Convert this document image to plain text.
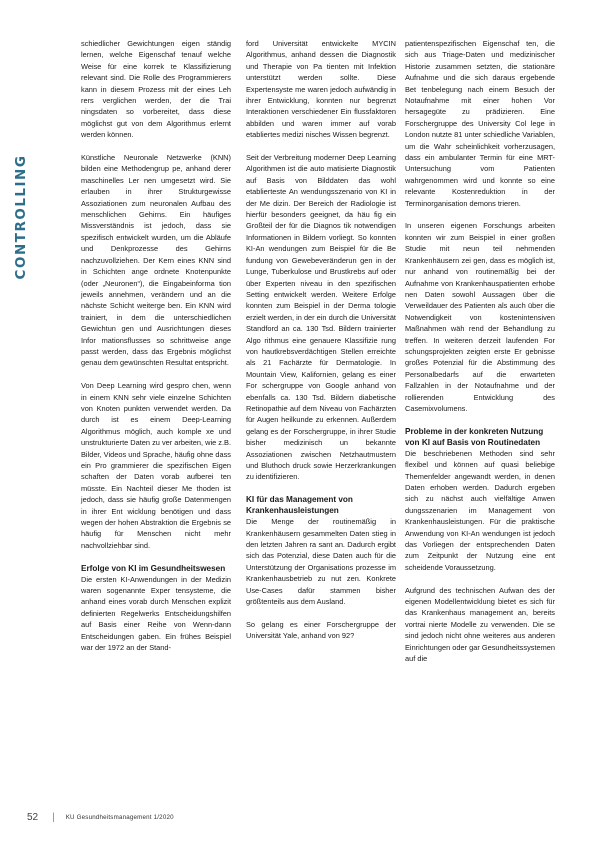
CONTROLLING

schiedlicher Gewichtungen eigen ständig lernen, welche Eigenschaf tenauf welche Weise für eine korrek te Klassifizierung relevant sind. Die Rolle des Programmierers kann in diesem Prozess mit der eines Leh rers verglichen werden, der die Trai ningsdaten so vorbereitet, dass diese möglichst gut von dem Algorithmus erlernt werden können.

Künstliche Neuronale Netzwerke (KNN) bilden eine Methodengrup pe, anhand derer maschinelles Ler nen umgesetzt wird. Sie erlauben in ihrer Strukturgewisse Assoziationen zum neuronalen Aufbau des menschlichen Gehirns. Ein häufiges Missverständnis ist jedoch, dass sie spezifisch entwickelt wurden, um die Abläufe und Denkprozesse des Gehirns nachzuvollziehen. Der Kern eines KNN sind in Schichten ange ordnete Knotenpunkte (oder „Neuronen“), die Eingabeinforma tion jeweils annehmen, verändern und an die nächste Schicht weiterge ben. Ein KNN wird trainiert, in dem die unterschiedlichen Gewichtun gen und Ausrichtungen dieses Infor mationsflusses so schrittweise ange passt werden, dass das Ergebnis möglichst genau dem gewünschten Resultat entspricht.

Von Deep Learning wird gespro chen, wenn in einem KNN sehr viele einzelne Schichten von Knoten punkten verwendet werden. Da durch ist es einem Deep-Learning Algorithmus möglich, auch komple xe und unstrukturierte Daten zu ver arbeiten, wie z.B. Bilder, Videos und Sprache, häufig ohne dass ein Pro grammierer die spezifischen Eigen schaften der Daten vorab aufberei ten müsste. Ein Nachteil dieser Me thoden ist jedoch, dass sie häufig große Datenmengen in ihrer Ent wicklung benötigen und dass wegen der hohen Abstraktion die Ergebnis se häufig für Menschen nicht mehr nachvollziehbar sind.

Erfolge von KI im Gesundheitswesen

Die ersten KI-Anwendungen in der Medizin waren sogenannte Exper tensysteme, die anhand eines vorab durch Menschen explizit definierten Regelwerks Entscheidungshilfen auf Basis einer Reihe von Wenn-dann Entscheidungen gaben. Ein frühes Beispiel war der 1972 an der Stand-

ford Universität entwickelte MYCIN Algorithmus, anhand dessen die Diagnostik und Therapie von Pa tienten mit Infektion unterstützt werden sollte. Diese Expertensyste me waren jedoch aufwändig in ihrer Entwicklung, konnten nur begrenzt Interaktionen verschiedener Ein flussfaktoren abbilden und waren immer auf vorab etabliertes medizi nisches Wissen begrenzt.

Seit der Verbreitung moderner Deep Learning Algorithmen ist die auto matisierte Diagnostik auf Basis von Bilddaten das wohl etablierteste An wendungsszenario von KI in der Me dizin. Der Bereich der Radiologie ist hierfür besonders geeignet, da häu fig ein Großteil der für die Diagnos tik notwendigen Informationen in Bildern vorliegt. So konnten KI-An wendungen zum Beispiel für die Be fundung von Gewebeveränderun gen in der Lunge, Tuberkulose und Brustkrebs auf oder über Experten niveau in den spezifischen Setting entwickelt werden. Weitere Erfolge konnten zum Beispiel in der Derma tologie erzielt werden, in der ein durch die Universität Standford an ca. 130 Tsd. Bildern trainierter Algo rithmus eine genauere Klassifizie rung von hautkrebsverdächtigen Stellen erreichte als 21 Fachärzte für Dermatologie. In Mountain View, Kalifornien, gelang es einer For schergruppe von Google anhand von ebenfalls ca. 130 Tsd. Bildern diabetische Retinopathie auf dem Niveau von Fachärzten für Augen heilkunde zu erkennen. Außerdem gelang es der Forschergruppe, in ihrer Studie bisher medizinisch un bekannte Assoziationen zwischen Netzhautmustern und Bluthoch druck sowie Herzerkrankungen zu identifizieren.

KI für das Management von Krankenhausleistungen

Die Menge der routinemäßig in Krankenhäusern gesammelten Daten stieg in den letzten Jahren ra sant an. Dadurch ergibt sich das Potenzial, diese Daten auch für die Unterstützung der Organisations prozesse im Krankenhausbetrieb zu nut zen. Konkrete Use-Cases dafür stammen bisher größtenteils aus dem Ausland.

So gelang es einer Forschergruppe der Universität Yale, anhand von 92?

patientenspezifischen Eigenschaf ten, die sich aus Triage-Daten und medizinischer Historie zusammen setzten, die stationäre Aufnahme und die sich daraus ergebende Bet tenbelegung nach einem Besuch der Notaufnahme mit einer hohen Vor hersagegüte zu prädizieren. Eine Forschergruppe des University Col lege in London nutzte 81 unter schiedliche Variablen, um die Wahr scheinlichkeit vorherzusagen, dass ein ambulanter Termin für eine MRT-Untersuchung vom Patienten wahrgenommen wird und konnte so eine relevante Kostenreduktion in der Terminorganisation demons trieren.

In unseren eigenen Forschungs arbeiten konnten wir zum Beispiel in einer großen Studie mit neun teil nehmenden Krankenhäusern zei gen, dass es möglich ist, nur anhand von routinemäßig bei der Aufnahme von Krankenhauspatienten erhobe nen Daten sowohl Aussagen über die Verweildauer des Patienten als auch über die Notwendigkeit von kostenintensiven Maßnahmen wäh rend der Behandlung zu treffen. In weiteren derzeit laufenden For schungsprojekten zeigten erste Er gebnisse großes Potenzial für die Abstimmung des Personalbedarfs auf die erwarteten Fallzahlen in der Notaufnahme und der rollierenden Entwicklung des Casemixvolumens.

Probleme in der konkreten Nutzung von KI auf Basis von Routinedaten

Die beschriebenen Methoden sind sehr flexibel und können auf quasi beliebige Themenfelder angewandt werden, in denen Daten erhoben werden. Dadurch ergeben sich zu nächst auch vielfältige Anwen dungsszenarien im Management von Krankenhausleistungen. Für die praktische Anwendung von KI-An wendungen ist jedoch das Vorliegen der entsprechenden Daten zum Zeitpunkt der Nutzung eine ent scheidende Voraussetzung.

Aufgrund des technischen Aufwan des der eigenen Modellentwicklung bietet es sich für das Krankenhaus management an, bereits vortrai nierte Modelle zu verwenden. Die se sind jedoch nicht ohne weiteres aus anderen Einrichtungen oder gar Gesundheitssystemen auf die

52 | KU Gesundheitsmanagement 1/2020
